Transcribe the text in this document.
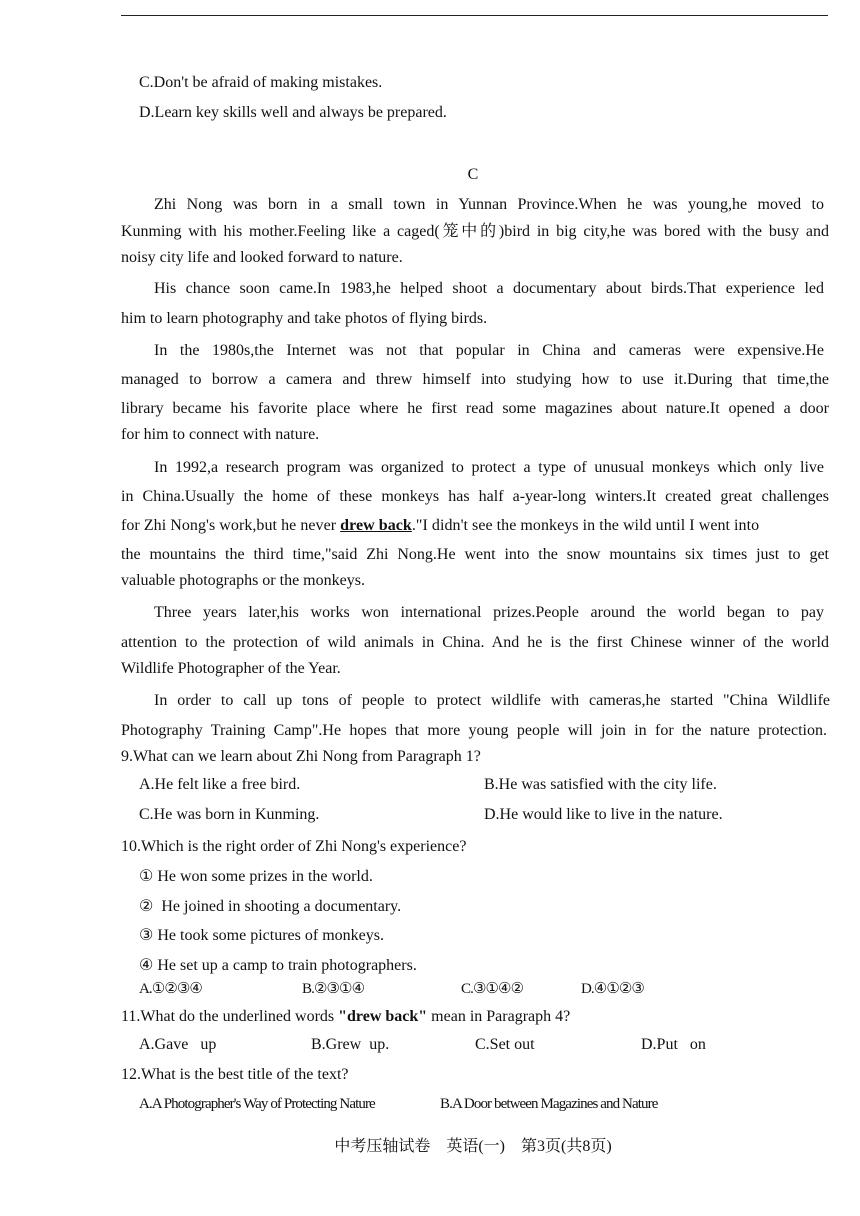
C.Don't be afraid of making mistakes.
D.Learn key skills well and always be prepared.
C
Zhi Nong was born in a small town in Yunnan Province.When he was young,he moved to
Kunming with his mother.Feeling like a caged(笼中的)bird in big city,he was bored with the busy and
noisy city life and looked forward to nature.
His chance soon came.In 1983,he helped shoot a documentary about birds.That experience led
him to learn photography and take photos of flying birds.
In the 1980s,the Internet was not that popular in China and cameras were expensive.He
managed to borrow a camera and threw himself into studying how to use it.During that time,the
library became his favorite place where he first read some magazines about nature.It opened a door
for him to connect with nature.
In 1992,a research program was organized to protect a type of unusual monkeys which only live
in China.Usually the home of these monkeys has half a-year-long winters.It created great challenges
for Zhi Nong's work,but he never drew back."I didn't see the monkeys in the wild until I went into
the mountains the third time,"said Zhi Nong.He went into the snow mountains six times just to get
valuable photographs or the monkeys.
Three years later,his works won international prizes.People around the world began to pay
attention to the protection of wild animals in China. And he is the first Chinese winner of the world
Wildlife Photographer of the Year.
In order to call up tons of people to protect wildlife with cameras,he started "China Wildlife
Photography Training Camp".He hopes that more young people will join in for the nature protection.
9.What can we learn about Zhi Nong from Paragraph 1?
A.He felt like a free bird.	B.He was satisfied with the city life.
C.He was born in Kunming.	D.He would like to live in the nature.
10.Which is the right order of Zhi Nong's experience?
① He won some prizes in the world.
②  He joined in shooting a documentary.
③ He took some pictures of monkeys.
④ He set up a camp to train photographers.
A.①②③④	B.②③①④	C.③①④②	D.④①②③
11.What do the underlined words "drew back" mean in Paragraph 4?
A.Gave   up	B.Grew  up.	C.Set out	D.Put   on
12.What is the best title of the text?
A.A Photographer's Way of Protecting Nature	B.A Door between Magazines and Nature
中考压轴试卷　英语(一)　第3页(共8页)
